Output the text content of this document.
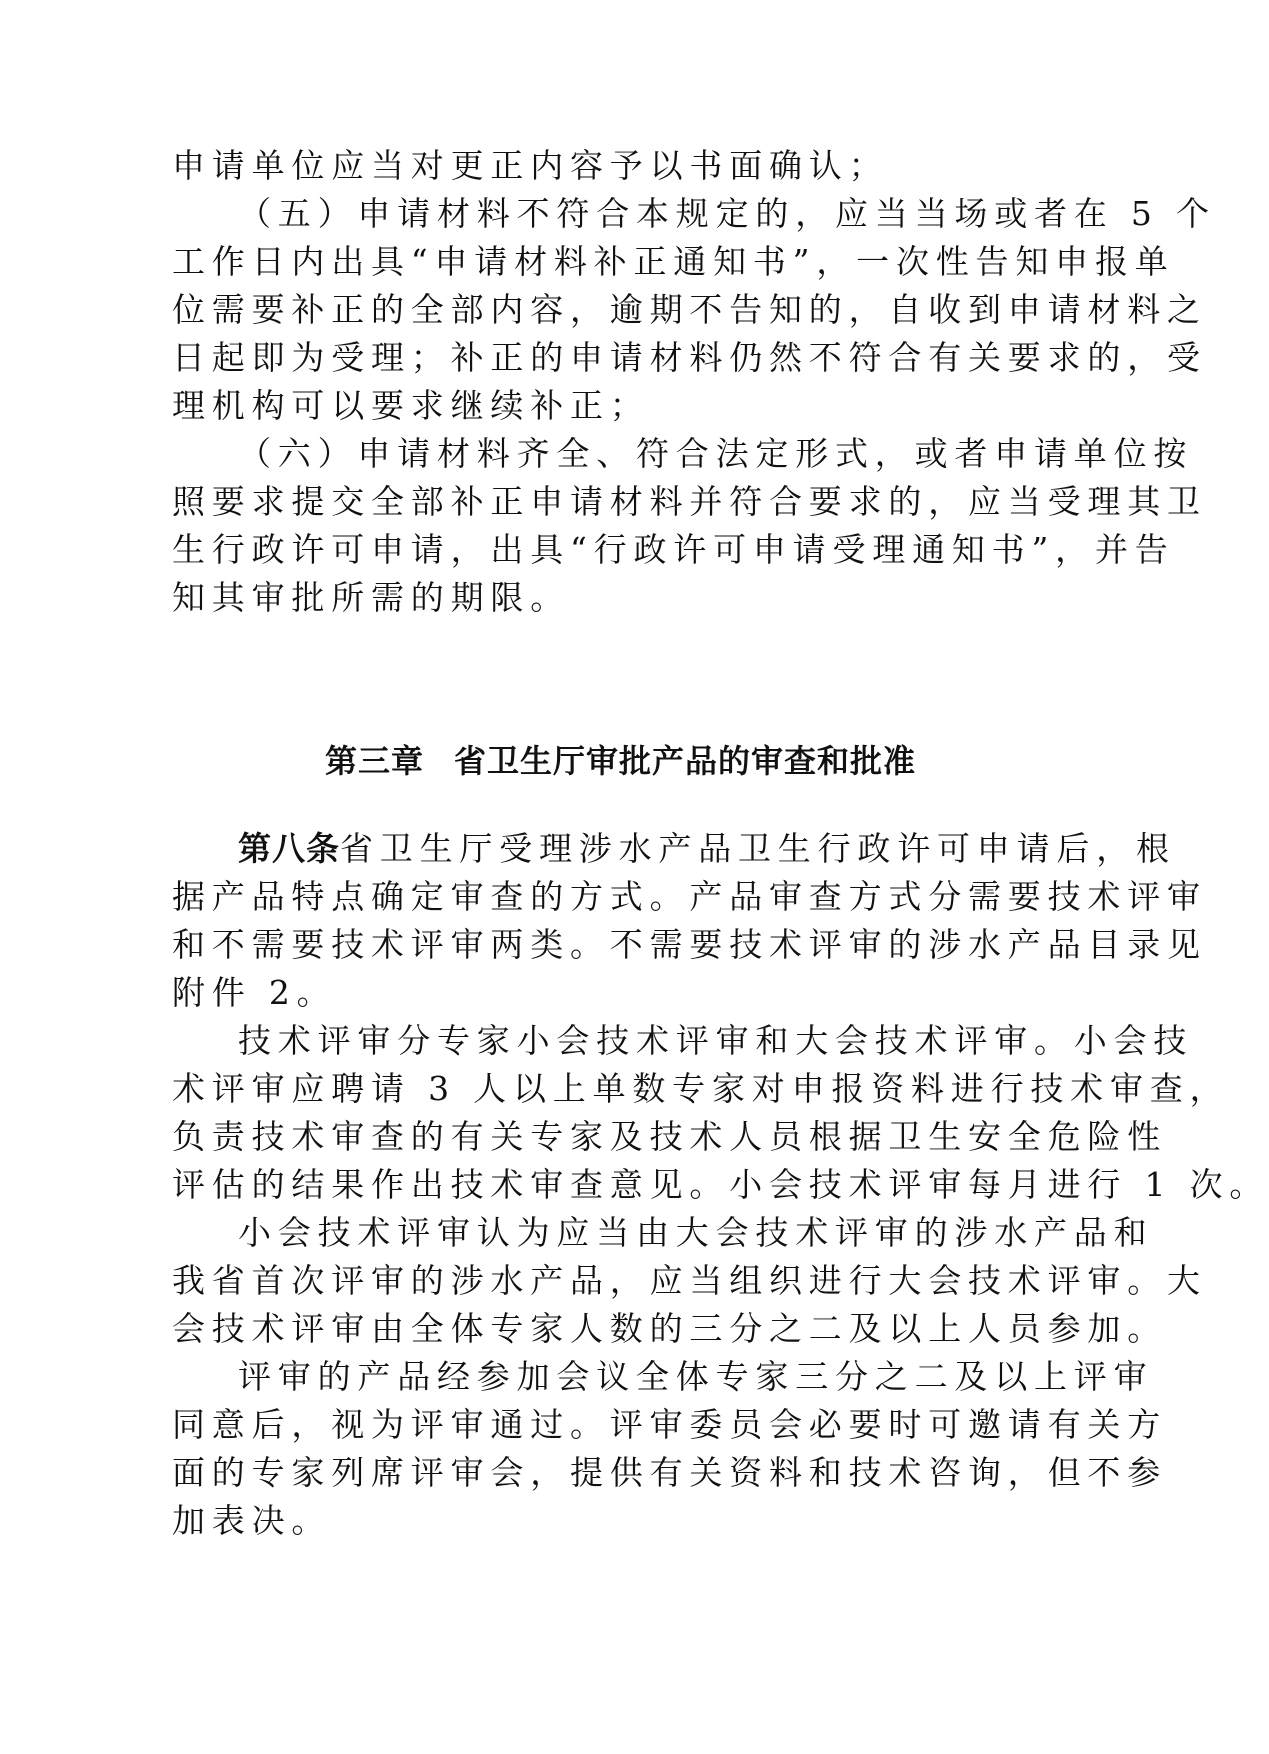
申请单位应当对更正内容予以书面确认；
（五）申请材料不符合本规定的，应当当场或者在 5 个
工作日内出具“申请材料补正通知书”，一次性告知申报单
位需要补正的全部内容，逾期不告知的，自收到申请材料之
日起即为受理；补正的申请材料仍然不符合有关要求的，受
理机构可以要求继续补正；
（六）申请材料齐全、符合法定形式，或者申请单位按
照要求提交全部补正申请材料并符合要求的，应当受理其卫
生行政许可申请，出具“行政许可申请受理通知书”，并告
知其审批所需的期限。
第三章 省卫生厅审批产品的审查和批准
第八条省卫生厅受理涉水产品卫生行政许可申请后，根
据产品特点确定审查的方式。产品审查方式分需要技术评审
和不需要技术评审两类。不需要技术评审的涉水产品目录见
附件 2。
技术评审分专家小会技术评审和大会技术评审。小会技
术评审应聘请 3 人以上单数专家对申报资料进行技术审查，
负责技术审查的有关专家及技术人员根据卫生安全危险性
评估的结果作出技术审查意见。小会技术评审每月进行 1 次。
小会技术评审认为应当由大会技术评审的涉水产品和
我省首次评审的涉水产品，应当组织进行大会技术评审。大
会技术评审由全体专家人数的三分之二及以上人员参加。
评审的产品经参加会议全体专家三分之二及以上评审
同意后，视为评审通过。评审委员会必要时可邀请有关方
面的专家列席评审会，提供有关资料和技术咨询，但不参
加表决。
